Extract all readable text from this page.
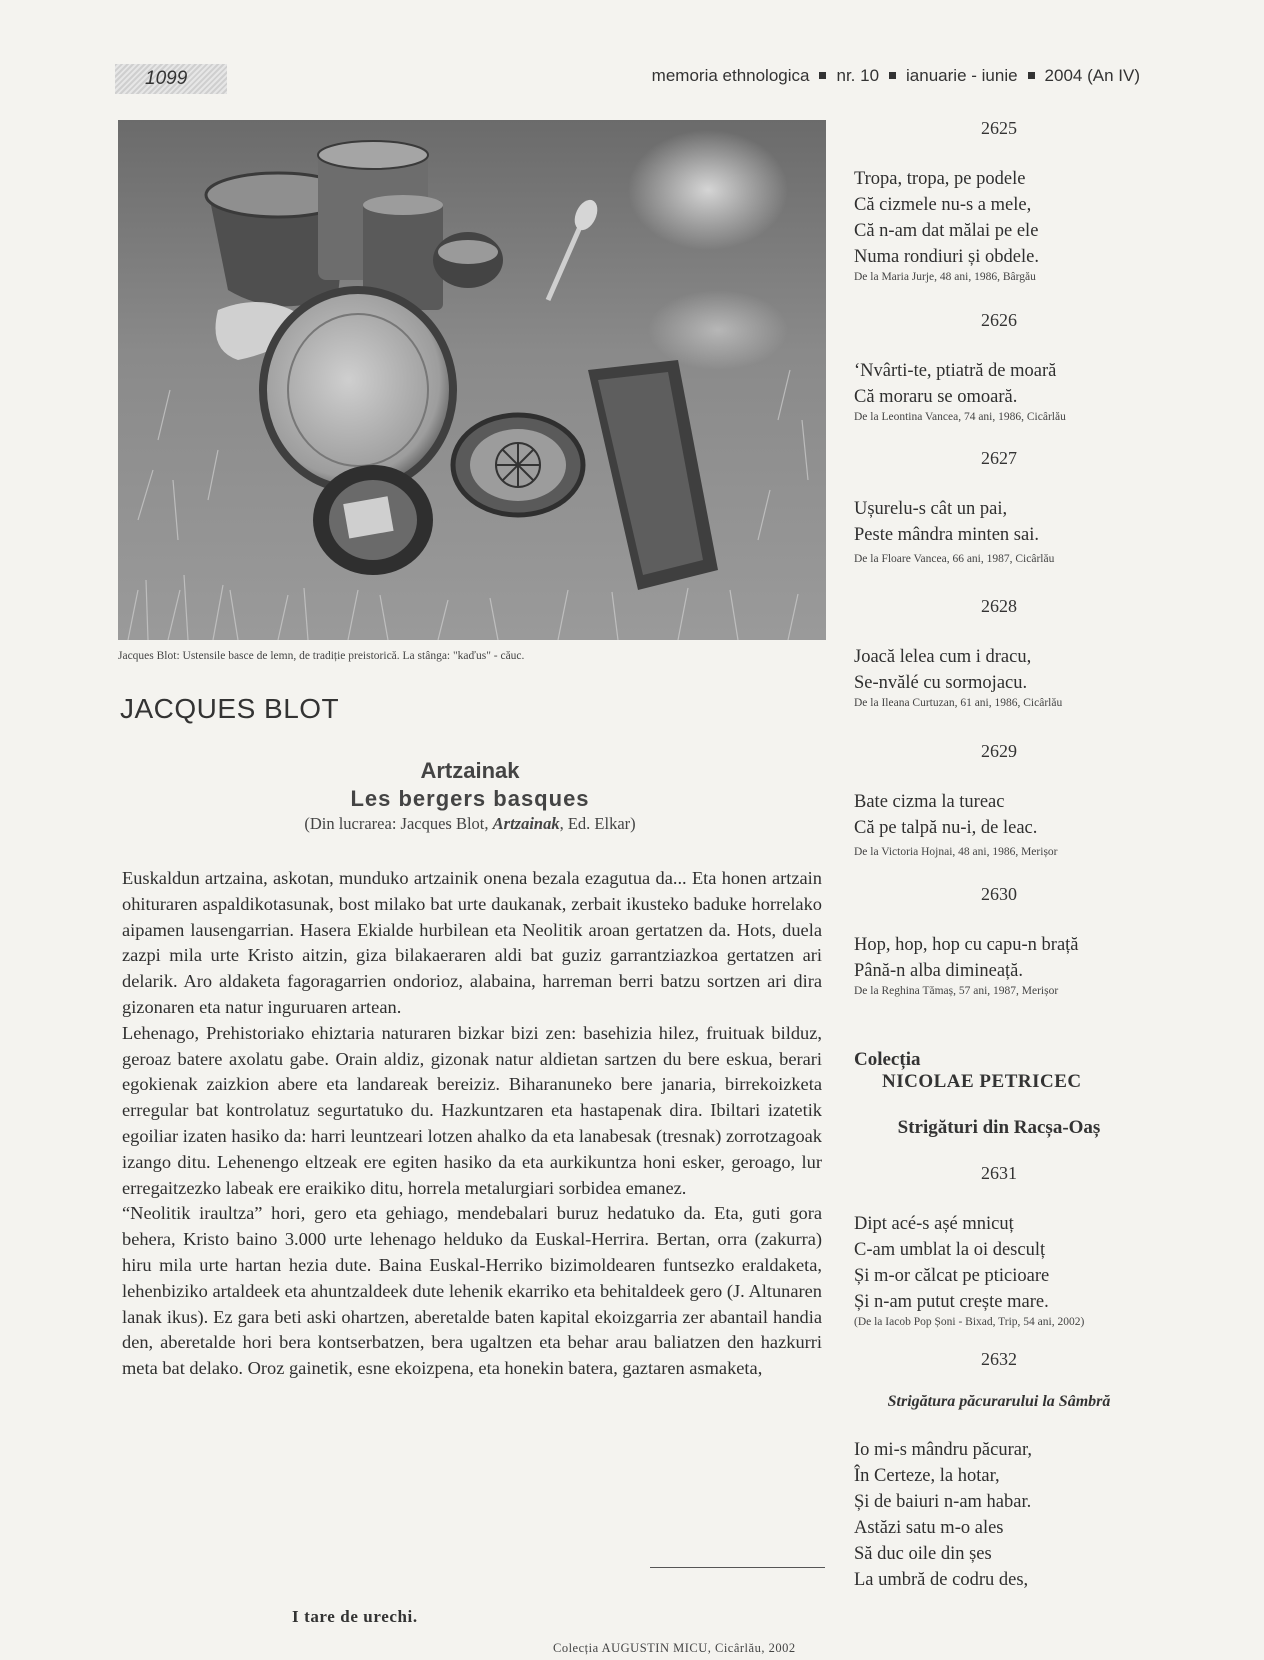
1099	memoria ethnologica nr. 10 ianuarie - iunie 2004 (An IV)
Jacques Blot: Ustensile basce de lemn, de tradiție preistorică. La stânga: "kaďus" - căuc.
JACQUES BLOT
Artzainak
Les bergers basques
(Din lucrarea: Jacques Blot, Artzainak, Ed. Elkar)

Euskaldun artzaina, askotan, munduko artzainik onena bezala ezagutua da... Eta honen artzain ohituraren aspaldikotasunak, bost milako bat urte daukanak, zerbait ikusteko baduke horrelako aipamen lausengarrian. Hasera Ekialde hurbilean eta Neolitik aroan gertatzen da. Hots, duela zazpi mila urte Kristo aitzin, giza bilakaeraren aldi bat guziz garrantziazkoa gertatzen ari delarik. Aro aldaketa fagoragarrien ondorioz, alabaina, harreman berri batzu sortzen ari dira gizonaren eta natur inguruaren artean.

Lehenago, Prehistoriako ehiztaria naturaren bizkar bizi zen: basehizia hilez, fruituak bilduz, geroaz batere axolatu gabe. Orain aldiz, gizonak natur aldietan sartzen du bere eskua, berari egokienak zaizkion abere eta landareak bereiziz. Biharanuneko bere janaria, birrekoizketa erregular bat kontrolatuz segurtatuko du. Hazkuntzaren eta hastapenak dira. Ibiltari izatetik egoiliar izaten hasiko da: harri leuntzeari lotzen ahalko da eta lanabesak (tresnak) zorrotzagoak izango ditu. Lehenengo eltzeak ere egiten hasiko da eta aurkikuntza honi esker, geroago, lur erregaitzezko labeak ere eraikiko ditu, horrela metalurgiari sorbidea emanez.

“Neolitik iraultza” hori, gero eta gehiago, mendebalari buruz hedatuko da. Eta, guti gora behera, Kristo baino 3.000 urte lehenago helduko da Euskal-Herrira. Bertan, orra (zakurra) hiru mila urte hartan hezia dute. Baina Euskal-Herriko bizimoldearen funtsezko eraldaketa, lehenbiziko artaldeek eta ahuntzaldeek dute lehenik ekarriko eta behitaldeek gero (J. Altunaren lanak ikus). Ez gara beti aski ohartzen, aberetalde baten kapital ekoizgarria zer abantail handia den, aberetalde hori bera kontserbatzen, bera ugaltzen eta behar arau baliatzen den hazkurri meta bat delako. Oroz gainetik, esne ekoizpena, eta honekin batera, gaztaren asmaketa,

I tare de urechi.
Colecția AUGUSTIN MICU, Cicârlău, 2002
2625
Tropa, tropa, pe podele
Că cizmele nu-s a mele,
Că n-am dat mălai pe ele
Numa rondiuri și obdele.
De la Maria Jurje, 48 ani, 1986, Bârgău
2626
‘Nvârti-te, ptiatră de moară
Că moraru se omoară.
De la Leontina Vancea, 74 ani, 1986, Cicârlău
2627
Ușurelu-s cât un pai,
Peste mândra minten sai.
De la Floare Vancea, 66 ani, 1987, Cicârlău
2628
Joacă lelea cum i dracu,
Se-nvălé cu sormojacu.
De la Ileana Curtuzan, 61 ani, 1986, Cicârlău
2629
Bate cizma la tureac
Că pe talpă nu-i, de leac.
De la Victoria Hojnai, 48 ani, 1986, Merișor
2630
Hop, hop, hop cu capu-n brață
Până-n alba dimineață.
De la Reghina Tămaș, 57 ani, 1987, Merișor
Colecția
NICOLAE PETRICEC
Strigături din Racșa-Oaș
2631
Dipt acé-s așé mnicuț
C-am umblat la oi desculț
Și m-or călcat pe pticioare
Și n-am putut crește mare.
(De la Iacob Pop Șoni - Bixad, Trip, 54 ani, 2002)
2632
Strigătura păcurarului la Sâmbră
Io mi-s mândru păcurar,
În Certeze, la hotar,
Și de baiuri n-am habar.
Astăzi satu m-o ales
Să duc oile din șes
La umbră de codru des,
